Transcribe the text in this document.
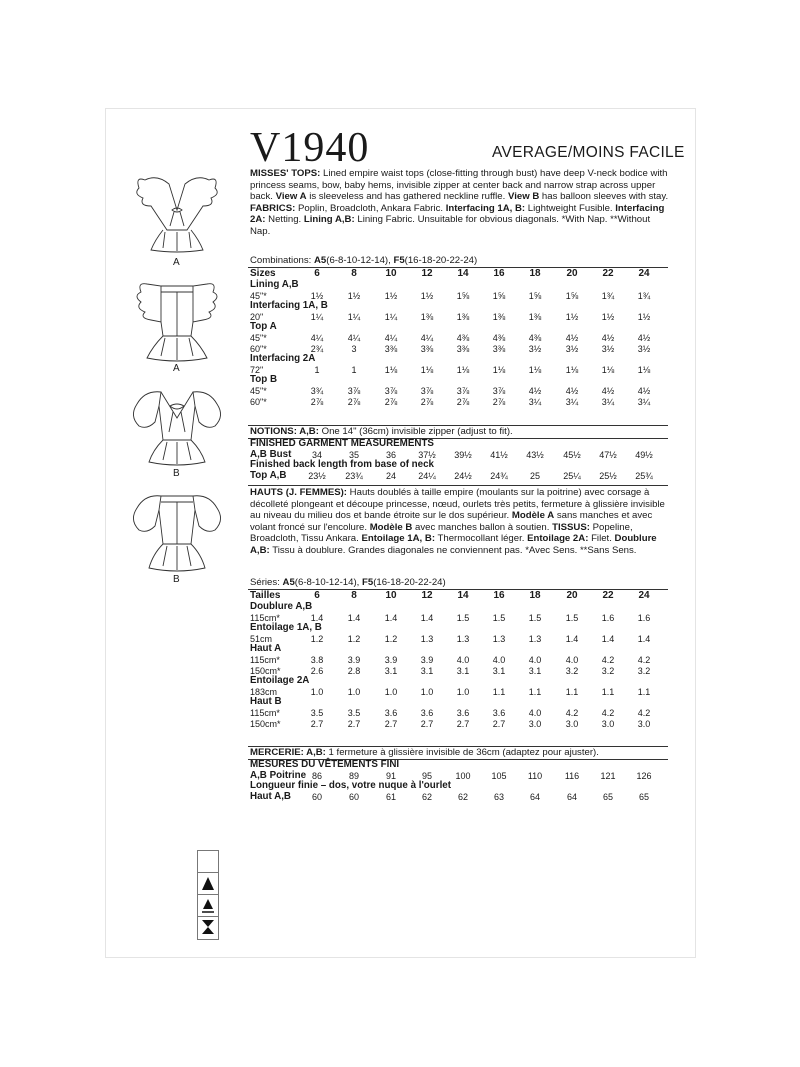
V1940	AVERAGE/MOINS FACILE
A
A
B
B
MISSES' TOPS: Lined empire waist tops (close-fitting through bust) have deep V-neck bodice with princess seams, bow, baby hems, invisible zipper at center back and narrow strap across upper back. View A is sleeveless and has gathered neckline ruffle. View B has balloon sleeves with stay. FABRICS: Poplin, Broadcloth, Ankara Fabric. Interfacing 1A, B: Lightweight Fusible. Interfacing 2A: Netting. Lining A,B: Lining Fabric. Unsuitable for obvious diagonals. *With Nap. **Without Nap.
Combinations: A5(6-8-10-12-14), F5(16-18-20-22-24)
Sizes	6	8	10	12	14	16	18	20	22	24
Lining A,B
45"*	1½	1½	1½	1½	1⅝	1⅝	1⅝	1⅝	1¾	1¾
Interfacing 1A, B
20"	1¼	1¼	1¼	1⅜	1⅜	1⅜	1⅜	1½	1½	1½
Top A
45"*	4¼	4¼	4¼	4¼	4⅜	4⅜	4⅜	4½	4½	4½
60"*	2¾	3	3⅜	3⅜	3⅜	3⅜	3½	3½	3½	3½
Interfacing 2A
72"	1	1	1⅛	1⅛	1⅛	1⅛	1⅛	1⅛	1⅛	1⅛
Top B
45"*	3¾	3⅞	3⅞	3⅞	3⅞	3⅞	4½	4½	4½	4½
60"*	2⅞	2⅞	2⅞	2⅞	2⅞	2⅞	3¼	3¼	3¼	3¼
NOTIONS: A,B: One 14" (36cm) invisible zipper (adjust to fit).
FINISHED GARMENT MEASUREMENTS
A,B Bust	34	35	36	37½	39½	41½	43½	45½	47½	49½
Finished back length from base of neck
Top A,B	23½	23¾	24	24¼	24½	24¾	25	25¼	25½	25¾
HAUTS (J. FEMMES): Hauts doublés à taille empire (moulants sur la poitrine) avec corsage à décolleté plongeant et découpe princesse, nœud, ourlets très petits, fermeture à glissière invisible au niveau du milieu dos et bande étroite sur le dos supérieur. Modèle A sans manches et avec volant froncé sur l'encolure. Modèle B avec manches ballon à soutien. TISSUS: Popeline, Broadcloth, Tissu Ankara. Entoilage 1A, B: Thermocollant léger. Entoilage 2A: Filet. Doublure A,B: Tissu à doublure. Grandes diagonales ne conviennent pas. *Avec Sens. **Sans Sens.
Séries: A5(6-8-10-12-14), F5(16-18-20-22-24)
Tailles	6	8	10	12	14	16	18	20	22	24
Doublure A,B
115cm*	1.4	1.4	1.4	1.4	1.5	1.5	1.5	1.5	1.6	1.6
Entoilage 1A, B
51cm	1.2	1.2	1.2	1.3	1.3	1.3	1.3	1.4	1.4	1.4
Haut A
115cm*	3.8	3.9	3.9	3.9	4.0	4.0	4.0	4.0	4.2	4.2
150cm*	2.6	2.8	3.1	3.1	3.1	3.1	3.1	3.2	3.2	3.2
Entoilage 2A
183cm	1.0	1.0	1.0	1.0	1.0	1.1	1.1	1.1	1.1	1.1
Haut B
115cm*	3.5	3.5	3.6	3.6	3.6	3.6	4.0	4.2	4.2	4.2
150cm*	2.7	2.7	2.7	2.7	2.7	2.7	3.0	3.0	3.0	3.0
MERCERIE: A,B: 1 fermeture à glissière invisible de 36cm (adaptez pour ajuster).
MESURES DU VÊTEMENTS FINI
A,B Poitrine 86	89	91	95	100	105	110	116	121	126
Longueur finie – dos, votre nuque à l'ourlet
Haut A,B	60	60	61	62	62	63	64	64	65	65
